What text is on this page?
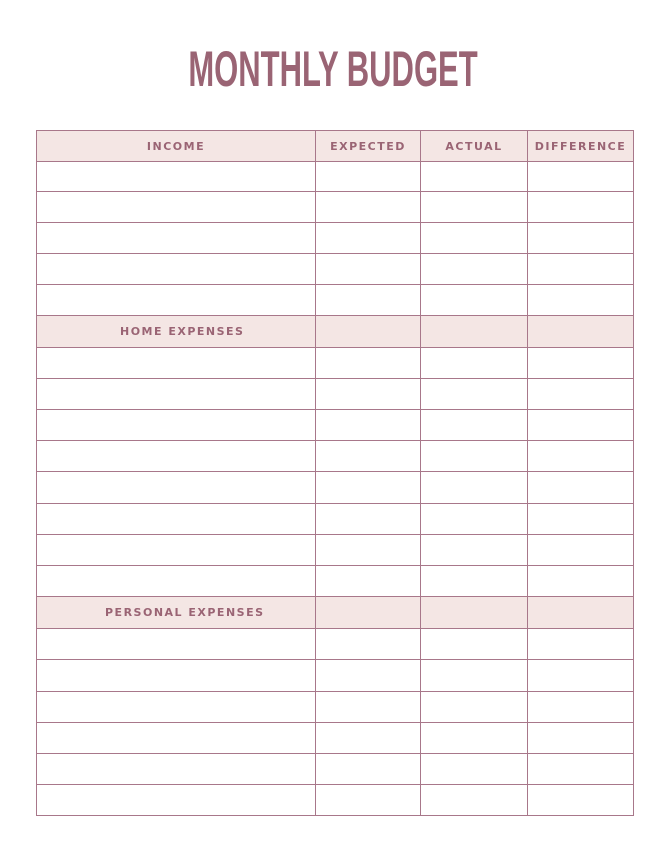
MONTHLY BUDGET
INCOME	EXPECTED	ACTUAL	DIFFERENCE

HOME EXPENSES			

PERSONAL EXPENSES			
